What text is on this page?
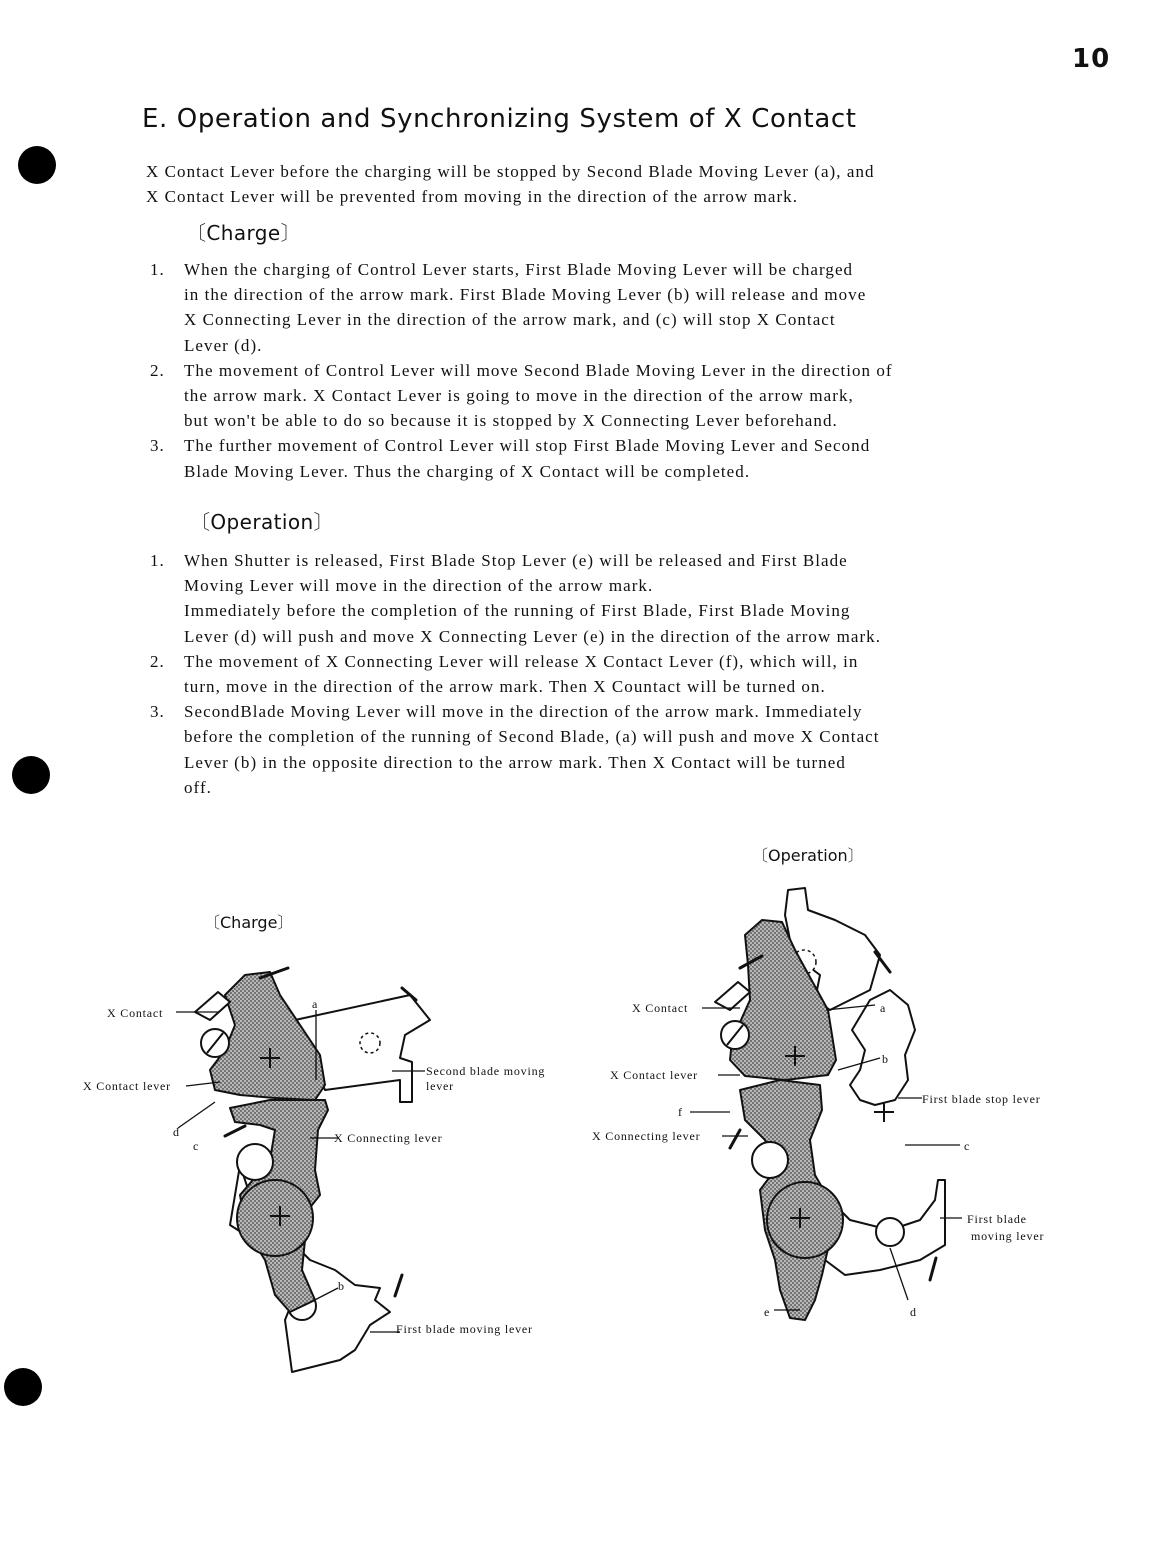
10
E. Operation and Synchronizing System of X Contact

X Contact Lever before the charging will be stopped by Second Blade Moving Lever (a), and

X Contact Lever will be prevented from moving in the direction of the arrow mark.

〔Charge〕

1. When the charging of Control Lever starts, First Blade Moving Lever will be charged

in the direction of the arrow mark. First Blade Moving Lever (b) will release and move

X Connecting Lever in the direction of the arrow mark, and (c) will stop X Contact

Lever (d).

2. The movement of Control Lever will move Second Blade Moving Lever in the direction of

the arrow mark. X Contact Lever is going to move in the direction of the arrow mark,

but won't be able to do so because it is stopped by X Connecting Lever beforehand.

3. The further movement of Control Lever will stop First Blade Moving Lever and Second

Blade Moving Lever. Thus the charging of X Contact will be completed.

〔Operation〕

1. When Shutter is released, First Blade Stop Lever (e) will be released and First Blade

Moving Lever will move in the direction of the arrow mark.

Immediately before the completion of the running of First Blade, First Blade Moving

Lever (d) will push and move X Connecting Lever (e) in the direction of the arrow mark.

2. The movement of X Connecting Lever will release X Contact Lever (f), which will, in

turn, move in the direction of the arrow mark. Then X Countact will be turned on.

3. SecondBlade Moving Lever will move in the direction of the arrow mark. Immediately

before the completion of the running of Second Blade, (a) will push and move X Contact

Lever (b) in the opposite direction to the arrow mark. Then X Contact will be turned

off.

〔Charge〕
〔Operation〕
X Contact
X Contact lever
Second blade moving
lever
X Connecting lever
First blade moving lever
a
b
c
d
X Contact
X Contact lever
X Connecting lever
First blade stop lever
First blade
moving lever
a
b
c
d
e
f
